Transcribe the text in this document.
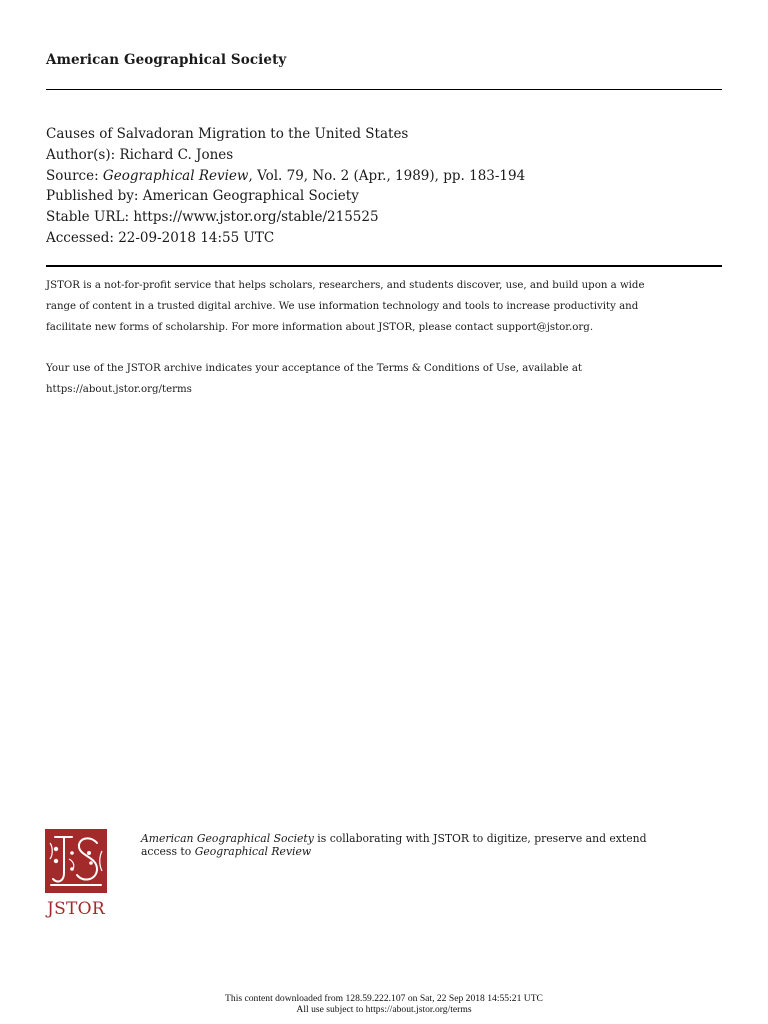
American Geographical Society
Causes of Salvadoran Migration to the United States
Author(s): Richard C. Jones
Source: Geographical Review, Vol. 79, No. 2 (Apr., 1989), pp. 183-194
Published by: American Geographical Society
Stable URL: https://www.jstor.org/stable/215525
Accessed: 22-09-2018 14:55 UTC

JSTOR is a not-for-profit service that helps scholars, researchers, and students discover, use, and build upon a wide
range of content in a trusted digital archive. We use information technology and tools to increase productivity and
facilitate new forms of scholarship. For more information about JSTOR, please contact support@jstor.org.

Your use of the JSTOR archive indicates your acceptance of the Terms & Conditions of Use, available at
https://about.jstor.org/terms

JSTOR
American Geographical Society is collaborating with JSTOR to digitize, preserve and extend
access to Geographical Review
This content downloaded from 128.59.222.107 on Sat, 22 Sep 2018 14:55:21 UTC
All use subject to https://about.jstor.org/terms
